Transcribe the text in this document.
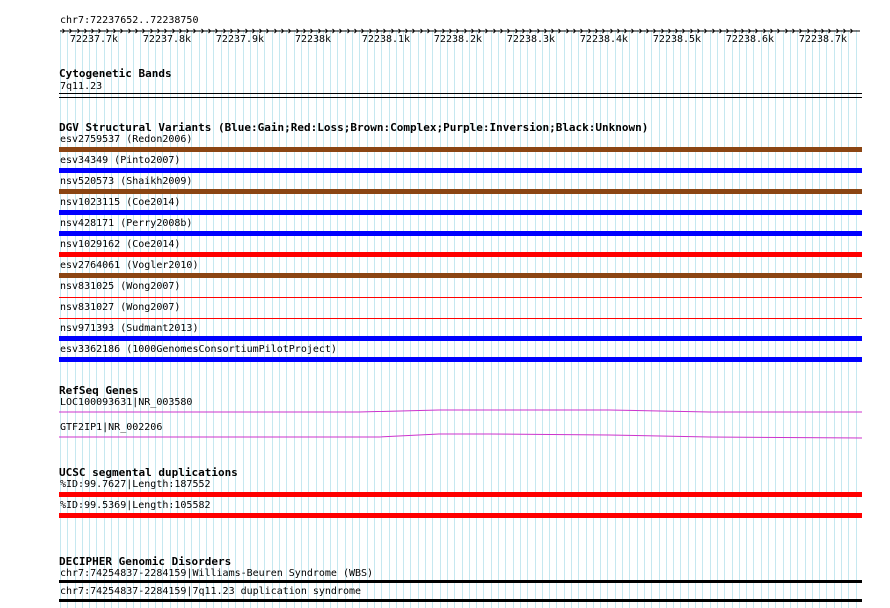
chr7:72237652..72238750
72237.7k 72237.8k 72237.9k	72238k	72238.1k 72238.2k 72238.3k 72238.4k 72238.5k 72238.6k 72238.7k
Cytogenetic Bands
7q11.23
DGV Structural Variants (Blue:Gain;Red:Loss;Brown:Complex;Purple:Inversion;Black:Unknown)
esv2759537 (Redon2006)
esv34349 (Pinto2007)
nsv520573 (Shaikh2009)
nsv1023115 (Coe2014)
nsv428171 (Perry2008b)
nsv1029162 (Coe2014)
esv2764061 (Vogler2010)
nsv831025 (Wong2007)
nsv831027 (Wong2007)
nsv971393 (Sudmant2013)
esv3362186 (1000GenomesConsortiumPilotProject)
RefSeq Genes
LOC100093631|NR_003580
GTF2IP1|NR_002206
UCSC segmental duplications
%ID:99.7627|Length:187552
%ID:99.5369|Length:105582
DECIPHER Genomic Disorders
chr7:74254837-2284159|Williams-Beuren Syndrome (WBS)
chr7:74254837-2284159|7q11.23 duplication syndrome
